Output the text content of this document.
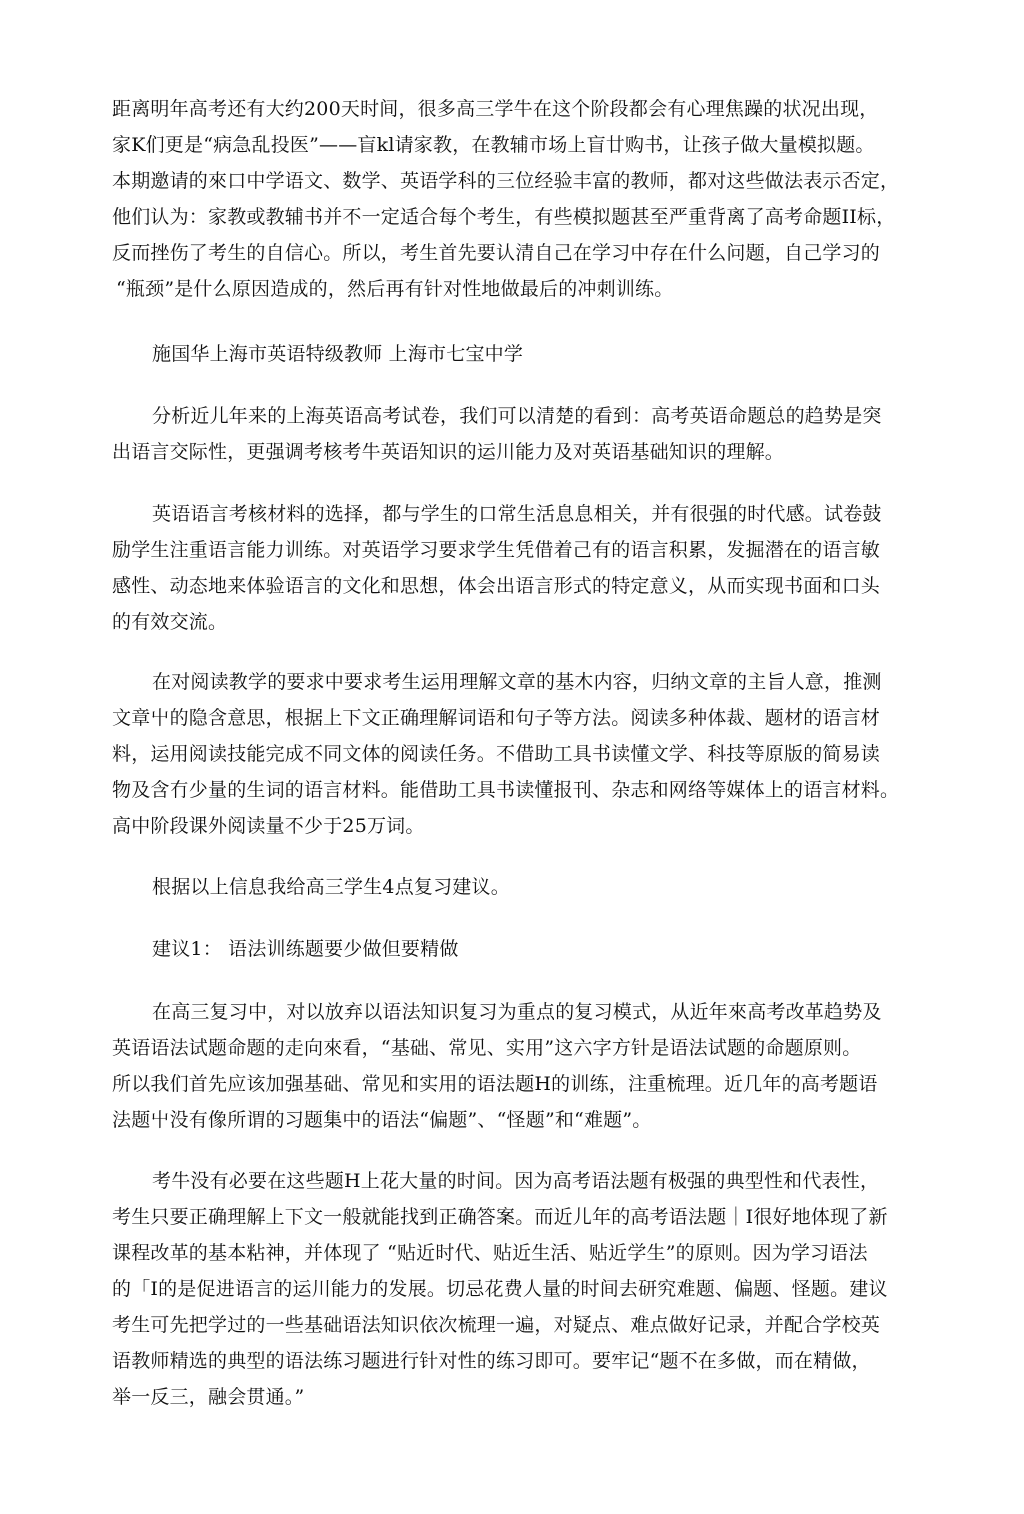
距离明年高考还有大约200天时间，很多高三学牛在这个阶段都会有心理焦躁的状况出现，
家K们更是“病急乱投医”——盲kl请家教，在教辅市场上盲廿购书，让孩子做大量模拟题。
本期邀请的來口中学语文、数学、英语学科的三位经验丰富的教师，都对这些做法表示否定，
他们认为：家教或教辅书并不一定适合每个考生，有些模拟题甚至严重背离了高考命题II标，
反而挫伤了考生的自信心。所以，考生首先要认清自己在学习中存在什么问题，自己学习的
“瓶颈”是什么原因造成的，然后再有针对性地做最后的冲刺训练。
施国华上海市英语特级教师 上海市七宝中学
分析近儿年来的上海英语高考试卷，我们可以清楚的看到：高考英语命题总的趋势是突
出语言交际性，更强调考核考牛英语知识的运川能力及对英语基础知识的理解。
英语语言考核材料的选择，都与学生的口常生活息息相关，并有很强的时代感。试卷鼓
励学生注重语言能力训练。对英语学习要求学生凭借着己有的语言积累，发掘潜在的语言敏
感性、动态地来体验语言的文化和思想，体会出语言形式的特定意义，从而实现书面和口头
的有效交流。
在对阅读教学的要求中要求考生运用理解文章的基木内容，归纳文章的主旨人意，推测
文章屮的隐含意思，根据上下文正确理解词语和句子等方法。阅读多种体裁、题材的语言材
料，运用阅读技能完成不同文体的阅读任务。不借助工具书读懂文学、科技等原版的简易读
物及含冇少量的生词的语言材料。能借助工具书读懂报刊、杂志和网络等媒体上的语言材料。
高中阶段课外阅读量不少于25万词。
根据以上信息我给高三学生4点复习建议。
建议1： 语法训练题要少做但要精做
在高三复习中，对以放弃以语法知识复习为重点的复习模式，从近年來高考改革趋势及
英语语法试题命题的走向來看，“基础、常见、实用”这六字方针是语法试题的命题原则。
所以我们首先应该加强基础、常见和实用的语法题H的训练，注重梳理。近几年的高考题语
法题屮没有像所谓的习题集中的语法“偏题”、“怪题”和“难题”。
考牛没有必要在这些题H上花大量的时间。因为高考语法题有极强的典型性和代表性，
考生只要正确理解上下文一般就能找到正确答案。而近儿年的高考语法题｜I很好地体现了新
课程改革的基本粘神，并体现了 “贴近时代、贴近生活、贴近学生”的原则。因为学习语法
的「I的是促进语言的运川能力的发展。切忌花费人量的时间去研究难题、偏题、怪题。建议
考生可先把学过的一些基础语法知识依次梳理一遍，对疑点、难点做好记录，并配合学校英
语教师精选的典型的语法练习题进行针对性的练习即可。要牢记“题不在多做，而在精做，
举一反三，融会贯通。”
